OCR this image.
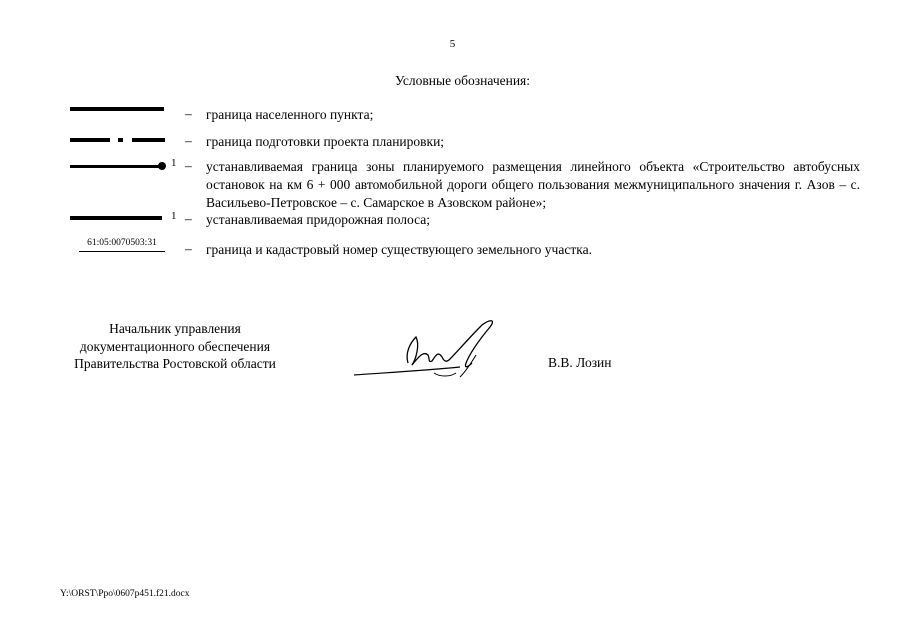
5
Условные обозначения:
– граница населенного пункта;
– граница подготовки проекта планировки;
1 – устанавливаемая граница зоны планируемого размещения линейного объекта «Строительство автобусных остановок на км 6 + 000 автомобильной дороги общего пользования межмуниципального значения г. Азов – с. Васильево-Петровское – с. Самарское в Азовском районе»;
1 – устанавливаемая придорожная полоса;
61:05:0070503:31	– граница и кадастровый номер существующего земельного участка.
Начальник управления
документационного обеспечения
Правительства Ростовской области	В.В. Лозин
Y:\ORST\Ppo\0607p451.f21.docx
